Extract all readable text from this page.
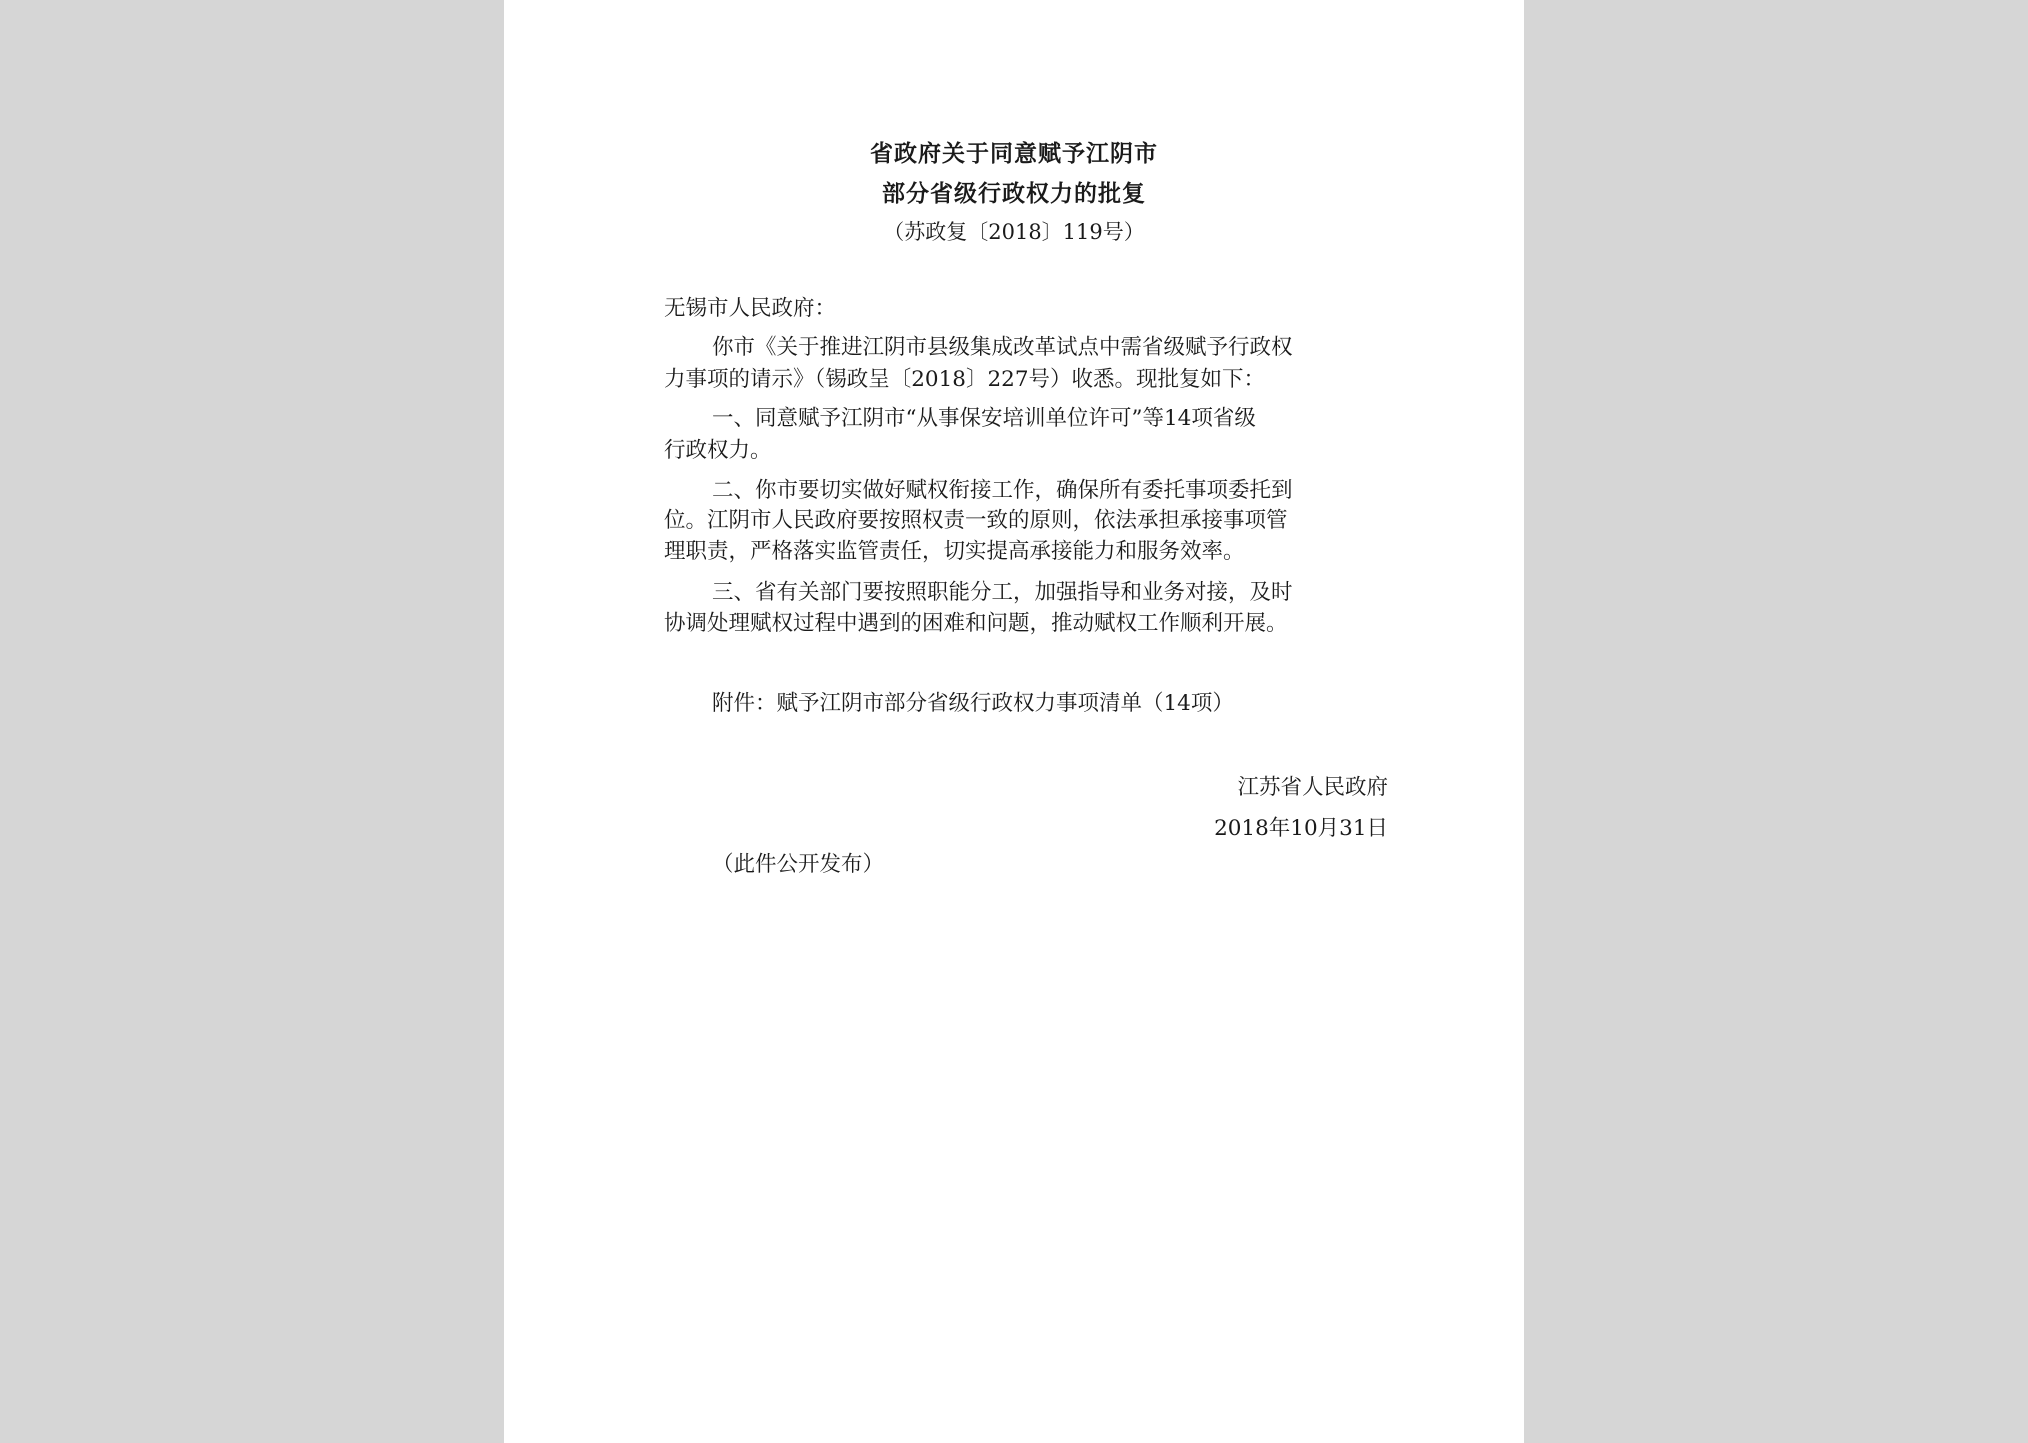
省政府关于同意赋予江阴市
部分省级行政权力的批复
（苏政复〔2018〕119号）
无锡市人民政府：
你市《关于推进江阴市县级集成改革试点中需省级赋予行政权
力事项的请示》（锡政呈〔2018〕227号）收悉。现批复如下：
一、同意赋予江阴市“从事保安培训单位许可”等14项省级
行政权力。
二、你市要切实做好赋权衔接工作，确保所有委托事项委托到
位。江阴市人民政府要按照权责一致的原则，依法承担承接事项管
理职责，严格落实监管责任，切实提高承接能力和服务效率。
三、省有关部门要按照职能分工，加强指导和业务对接，及时
协调处理赋权过程中遇到的困难和问题，推动赋权工作顺利开展。
附件：赋予江阴市部分省级行政权力事项清单（14项）
江苏省人民政府
2018年10月31日
（此件公开发布）
